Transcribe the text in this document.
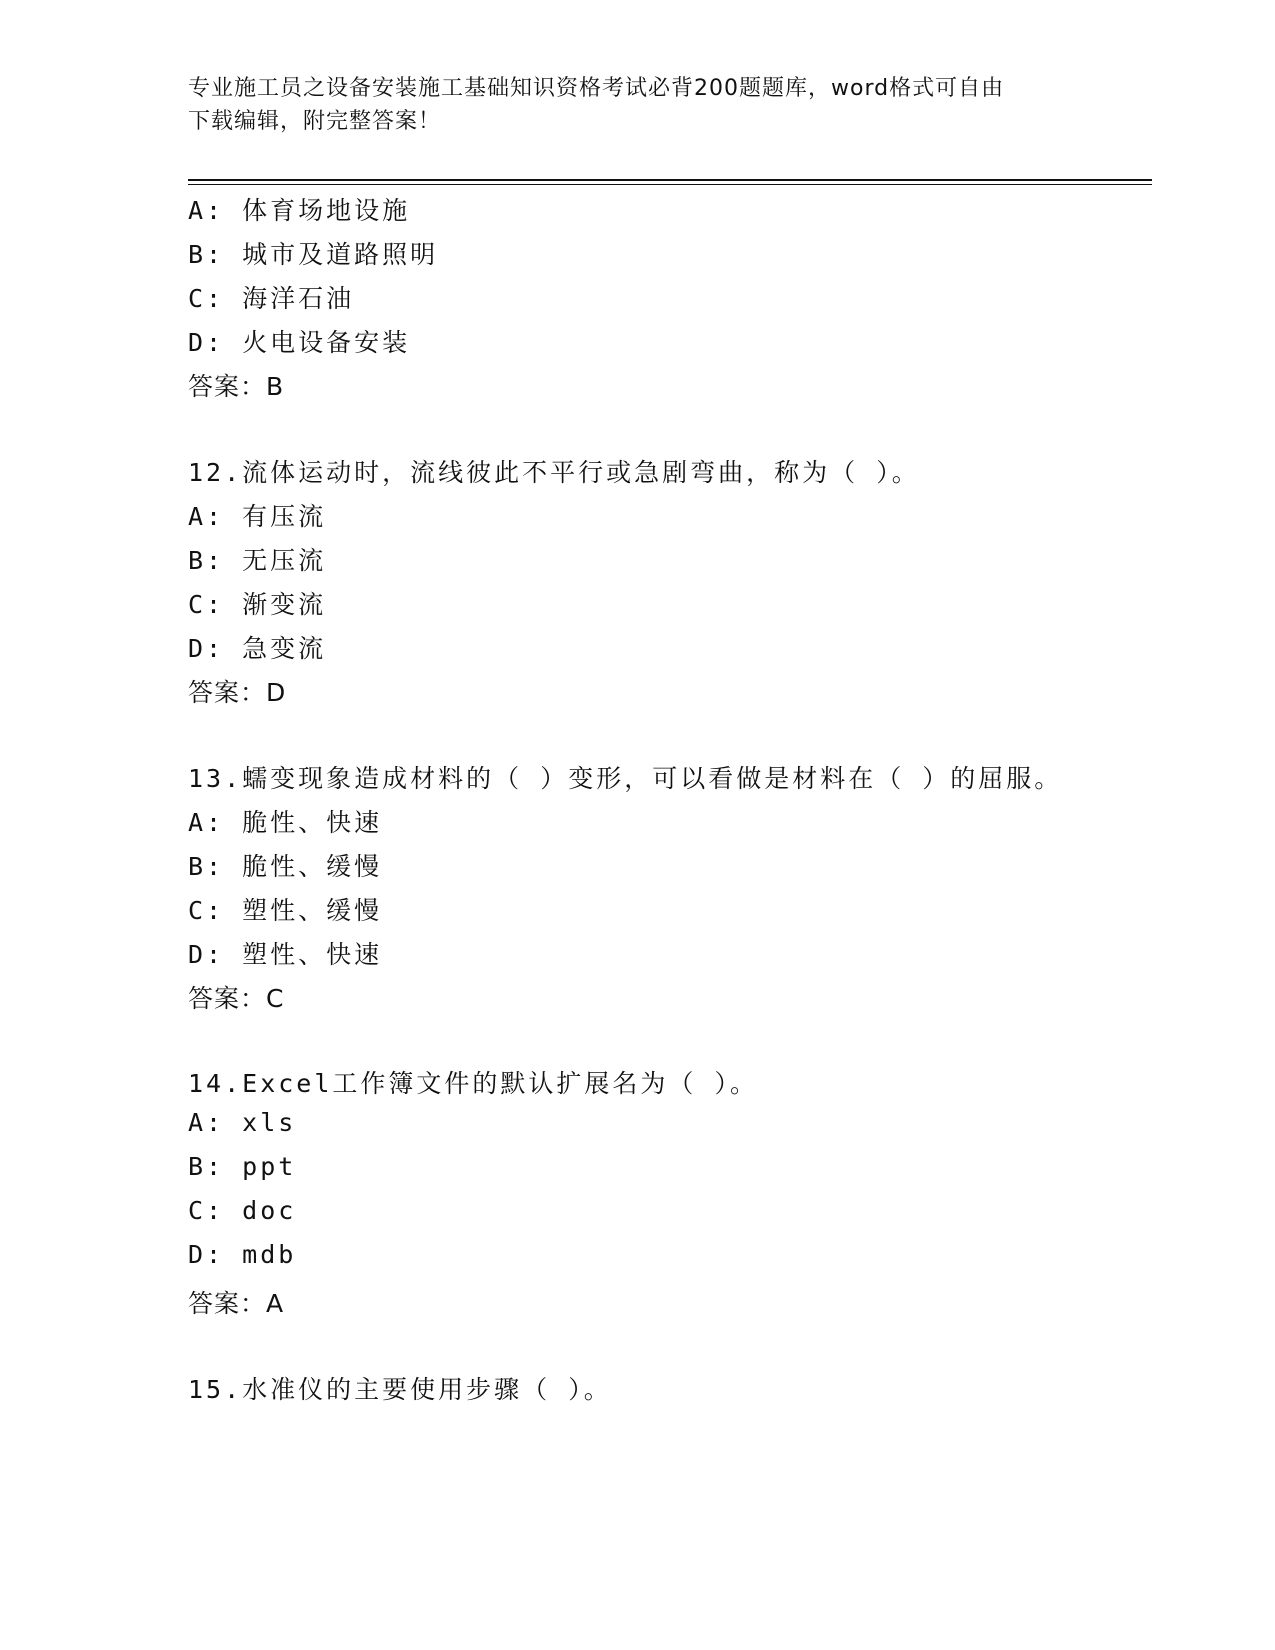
专业施工员之设备安装施工基础知识资格考试必背200题题库，word格式可自由
下载编辑，附完整答案！
A: 体育场地设施
B: 城市及道路照明
C: 海洋石油
D: 火电设备安装
答案：B
12.流体运动时，流线彼此不平行或急剧弯曲，称为（ ）。
A: 有压流
B: 无压流
C: 渐变流
D: 急变流
答案：D
13.蠕变现象造成材料的（ ）变形，可以看做是材料在（ ）的屈服。
A: 脆性、快速
B: 脆性、缓慢
C: 塑性、缓慢
D: 塑性、快速
答案：C
14.Excel工作簿文件的默认扩展名为（ ）。
A: xls
B: ppt
C: doc
D: mdb
答案：A
15.水准仪的主要使用步骤（ ）。
